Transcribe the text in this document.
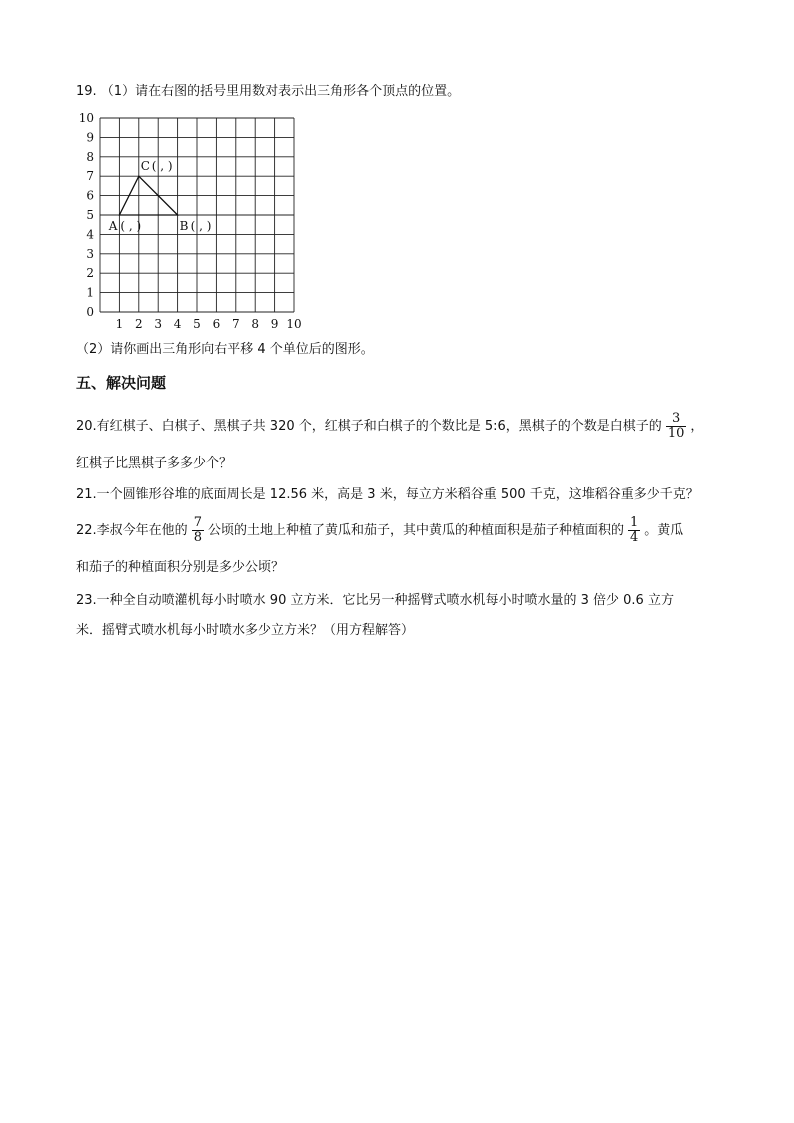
19. （1）请在右图的括号里用数对表示出三角形各个顶点的位置。
0
1
2
3
4
5
6
7
8
9
10
1 2 3 4 5 6 7 8 9 10
A ( , )	B ( , )
C ( , )
（2）请你画出三角形向右平移 4 个单位后的图形。
五、解决问题
20.有红棋子、白棋子、黑棋子共 320 个，红棋子和白棋子的个数比是 5:6，黑棋子的个数是白棋子的 $\frac{3}{10}$ ，
红棋子比黑棋子多多少个？
21.一个圆锥形谷堆的底面周长是 12.56 米，高是 3 米，每立方米稻谷重 500 千克，这堆稻谷重多少千克？
22.李叔今年在他的 $\frac{7}{8}$ 公顷的土地上种植了黄瓜和茄子，其中黄瓜的种植面积是茄子种植面积的 $\frac{1}{4}$ 。黄瓜
和茄子的种植面积分别是多少公顷？
23.一种全自动喷灌机每小时喷水 90 立方米．它比另一种摇臂式喷水机每小时喷水量的 3 倍少 0.6 立方
米．摇臂式喷水机每小时喷水多少立方米？（用方程解答）
